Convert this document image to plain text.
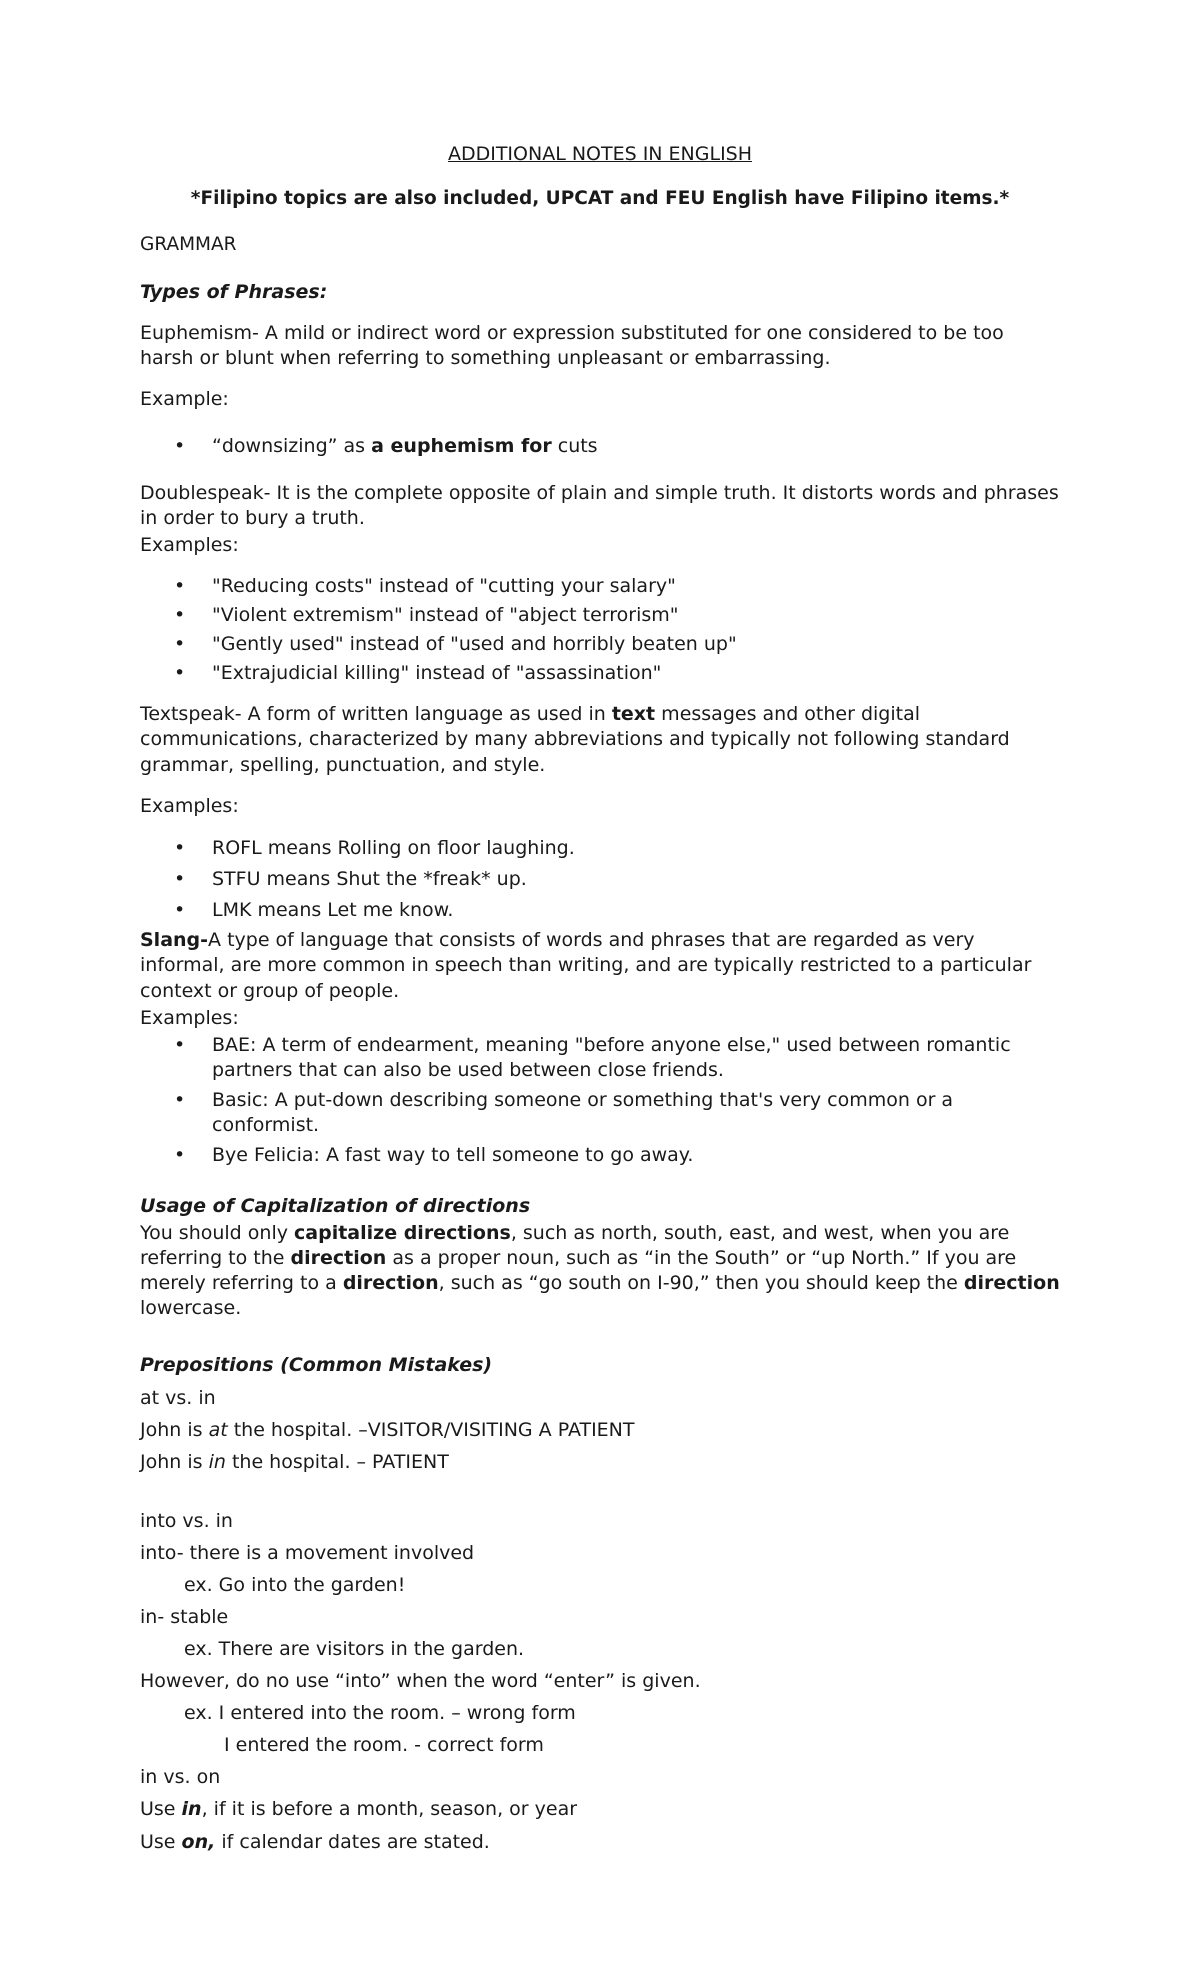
ADDITIONAL NOTES IN ENGLISH

*Filipino topics are also included, UPCAT and FEU English have Filipino items.*

GRAMMAR

Types of Phrases:

Euphemism- A mild or indirect word or expression substituted for one considered to be too harsh or blunt when referring to something unpleasant or embarrassing.

Example:

• “downsizing” as a euphemism for cuts

Doublespeak- It is the complete opposite of plain and simple truth. It distorts words and phrases in order to bury a truth.

Examples:

• "Reducing costs" instead of "cutting your salary"
• "Violent extremism" instead of "abject terrorism"
• "Gently used" instead of "used and horribly beaten up"
• "Extrajudicial killing" instead of "assassination"

Textspeak- A form of written language as used in text messages and other digital communications, characterized by many abbreviations and typically not following standard grammar, spelling, punctuation, and style.

Examples:

• ROFL means Rolling on floor laughing.
• STFU means Shut the *freak* up.
• LMK means Let me know.

Slang-A type of language that consists of words and phrases that are regarded as very informal, are more common in speech than writing, and are typically restricted to a particular context or group of people.

Examples:

• BAE: A term of endearment, meaning "before anyone else," used between romantic partners that can also be used between close friends.
• Basic: A put-down describing someone or something that's very common or a conformist.
• Bye Felicia: A fast way to tell someone to go away.

Usage of Capitalization of directions

You should only capitalize directions, such as north, south, east, and west, when you are referring to the direction as a proper noun, such as “in the South” or “up North.” If you are merely referring to a direction, such as “go south on I-90,” then you should keep the direction lowercase.

Prepositions (Common Mistakes)

at vs. in

John is at the hospital. –VISITOR/VISITING A PATIENT

John is in the hospital. – PATIENT

into vs. in

into- there is a movement involved

ex. Go into the garden!

in- stable

ex. There are visitors in the garden.

However, do no use “into” when the word “enter” is given.

ex. I entered into the room. – wrong form

I entered the room. - correct form

in vs. on

Use in, if it is before a month, season, or year

Use on, if calendar dates are stated.
